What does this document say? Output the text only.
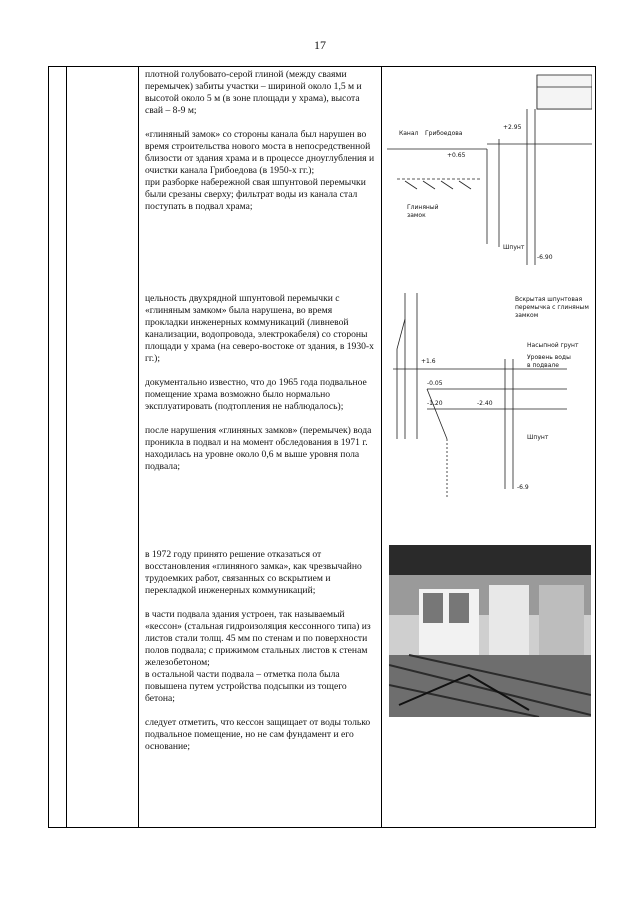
17

плотной голубовато-серой глиной (между сваями перемычек) забиты участки – шириной около 1,5 м и
высотой около 5 м (в зоне площади у храма), высота свай – 8-9 м;

«глиняный замок» со стороны канала был нарушен во время строительства нового моста в непосредственной близости от здания храма и в процессе дноуглубления и очистки канала Грибоедова (в 1950-х гг.);
при разборке набережной свая шпунтовой перемычки были срезаны сверху; фильтрат воды из канала стал поступать в подвал храма;

цельность двухрядной шпунтовой перемычки с «глиняным замком» была нарушена, во время прокладки инженерных коммуникаций (ливневой канализации, водопровода, электрокабеля) со стороны площади у храма (на северо-востоке от здания, в 1930-х гг.);

документально известно, что до 1965 года подвальное помещение храма возможно было нормально эксплуатировать (подтопления не наблюдалось);

после нарушения «глиняных замков» (перемычек) вода проникла в подвал и на момент обследования в 1971 г. находилась на уровне около 0,6 м выше уровня пола подвала;

в 1972 году принято решение отказаться от восстановления «глиняного замка», как чрезвычайно трудоемких работ, связанных со вскрытием и перекладкой инженерных коммуникаций;

в части подвала здания устроен, так называемый «кессон» (стальная гидроизоляция кессонного типа) из листов стали толщ. 45 мм по стенам и по поверхности полов подвала; с прижимом стальных листов к стенам железобетоном;
в остальной части подвала – отметка пола была повышена путем устройства подсыпки из тощего бетона;

следует отметить, что кессон защищает от воды только подвальное помещение, но не сам фундамент и его основание;

Канал Грибоедова
+2.95
+0.65
Глиняный
замок
Шпунт
-6.90
Вскрытая шпунтовая
перемычка с глиняным
замком
Насыпной грунт
Уровень воды
в подвале
Шпунт
+1.6
-0.05
-1.20	-2.40
-6.9
